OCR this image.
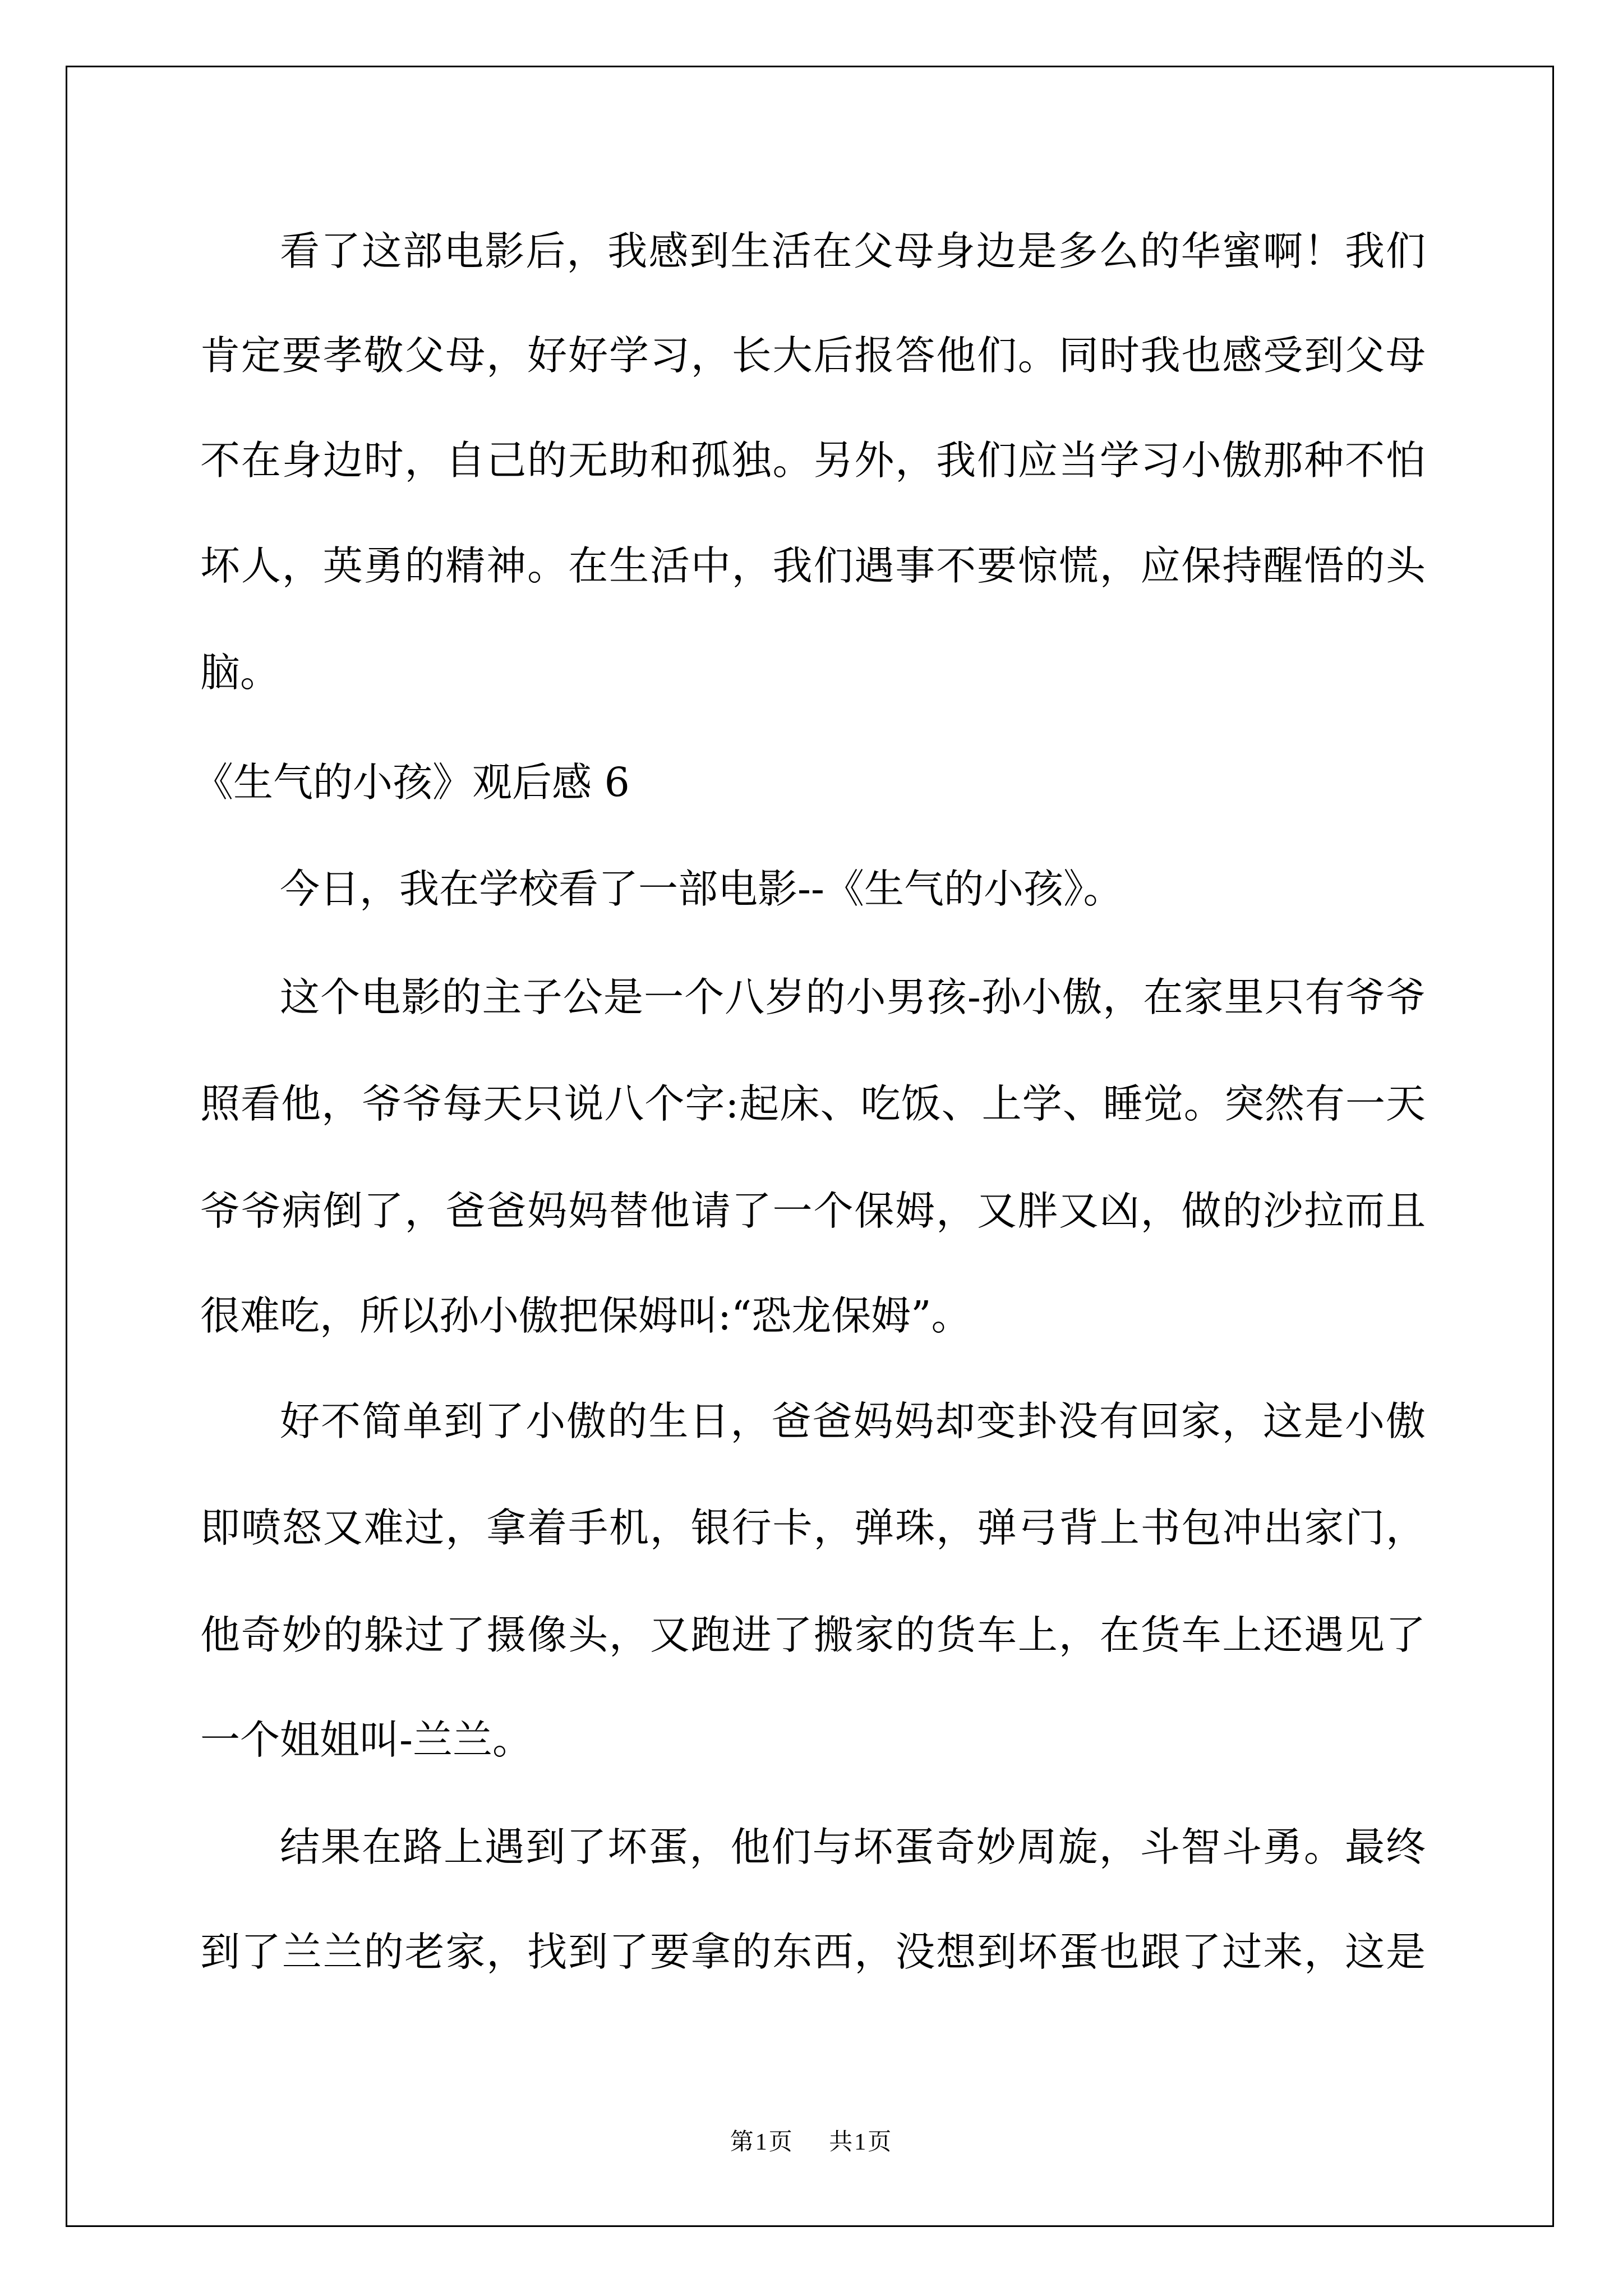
看了这部电影后，我感到生活在父母身边是多么的华蜜啊！我们
肯定要孝敬父母，好好学习，长大后报答他们。同时我也感受到父母
不在身边时，自己的无助和孤独。另外，我们应当学习小傲那种不怕
坏人，英勇的精神。在生活中，我们遇事不要惊慌，应保持醒悟的头
脑。
《生气的小孩》观后感 6
今日，我在学校看了一部电影--《生气的小孩》。
这个电影的主子公是一个八岁的小男孩-孙小傲，在家里只有爷爷
照看他，爷爷每天只说八个字:起床、吃饭、上学、睡觉。突然有一天
爷爷病倒了，爸爸妈妈替他请了一个保姆，又胖又凶，做的沙拉而且
很难吃，所以孙小傲把保姆叫:“恐龙保姆”。
好不简单到了小傲的生日，爸爸妈妈却变卦没有回家，这是小傲
即喷怒又难过，拿着手机，银行卡，弹珠，弹弓背上书包冲出家门，
他奇妙的躲过了摄像头，又跑进了搬家的货车上，在货车上还遇见了
一个姐姐叫-兰兰。
结果在路上遇到了坏蛋，他们与坏蛋奇妙周旋，斗智斗勇。最终
到了兰兰的老家，找到了要拿的东西，没想到坏蛋也跟了过来，这是
第1页 共1页
